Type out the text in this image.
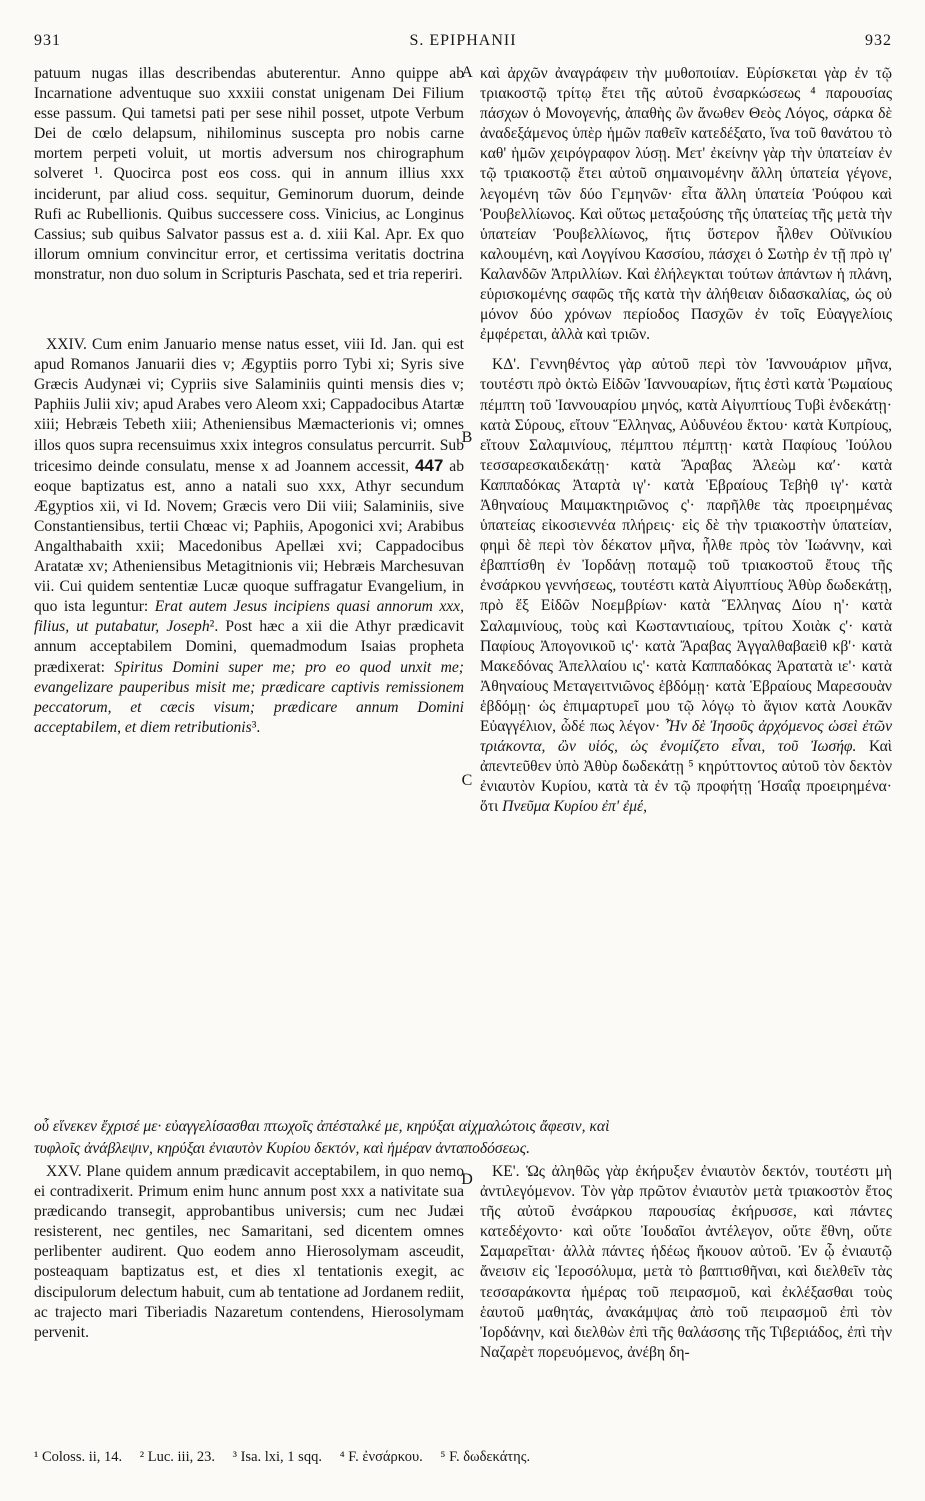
S. EPIPHANII
931	932
A
B
C
D

patuum nugas illas describendas abuterentur. Anno quippe ab Incarnatione adventuque suo xxxiii constat unigenam Dei Filium esse passum. Qui tametsi pati per sese nihil posset, utpote Verbum Dei de cœlo delapsum, nihilominus suscepta pro nobis carne mortem perpeti voluit, ut mortis adversum nos chirographum solveret ¹. Quocirca post eos coss. qui in annum illius xxx inciderunt, par aliud coss. sequitur, Geminorum duorum, deinde Rufi ac Rubellionis. Quibus successere coss. Vinicius, ac Longinus Cassius; sub quibus Salvator passus est a. d. xiii Kal. Apr. Ex quo illorum omnium convincitur error, et certissima veritatis doctrina monstratur, non duo solum in Scripturis Paschata, sed et tria reperiri.

XXIV. Cum enim Januario mense natus esset, viii Id. Jan. qui est apud Romanos Januarii dies v; Ægyptiis porro Tybi xi; Syris sive Græcis Audynæi vi; Cypriis sive Salaminiis quinti mensis dies v; Paphiis Julii xiv; apud Arabes vero Aleom xxi; Cappadocibus Atartæ xiii; Hebræis Tebeth xiii; Atheniensibus Mæmacterionis vi; omnes illos quos supra recensuimus xxix integros consulatus percurrit. Sub tricesimo deinde consulatu, mense x ad Joannem accessit, 447 ab eoque baptizatus est, anno a natali suo xxx, Athyr secundum Ægyptios xii, vi Id. Novem; Græcis vero Dii viii; Salaminiis, sive Constantiensibus, tertii Chœac vi; Paphiis, Apogonici xvi; Arabibus Angalthabaith xxii; Macedonibus Apellæi xvi; Cappadocibus Aratatæ xv; Atheniensibus Metagitnionis vii; Hebræis Marchesuvan vii. Cui quidem sententiæ Lucæ quoque suffragatur Evangelium, in quo ista leguntur: Erat autem Jesus incipiens quasi annorum xxx, filius, ut putabatur, Joseph². Post hæc a xii die Athyr prædicavit annum acceptabilem Domini, quemadmodum Isaias propheta prædixerat: Spiritus Domini super me; pro eo quod unxit me; evangelizare pauperibus misit me; prædicare captivis remissionem peccatorum, et cæcis visum; prædicare annum Domini acceptabilem, et diem retributionis³.

καὶ ἀρχῶν ἀναγράφειν τὴν μυθοποιίαν. Εὑρίσκεται γὰρ ἐν τῷ τριακοστῷ τρίτῳ ἔτει τῆς αὐτοῦ ἐνσαρκώσεως ⁴ παρουσίας πάσχων ὁ Μονογενής, ἀπαθὴς ὢν ἄνωθεν Θεὸς Λόγος, σάρκα δὲ ἀναδεξάμενος ὑπὲρ ἡμῶν παθεῖν κατεδέξατο, ἵνα τοῦ θανάτου τὸ καθ' ἡμῶν χειρόγραφον λύσῃ. Μετ' ἐκείνην γὰρ τὴν ὑπατείαν ἐν τῷ τριακοστῷ ἔτει αὐτοῦ σημαινομένην ἄλλη ὑπατεία γέγονε, λεγομένη τῶν δύο Γεμηνῶν· εἶτα ἄλλη ὑπατεία Ῥούφου καὶ Ῥουβελλίωνος. Καὶ οὕτως μεταξούσης τῆς ὑπατείας τῆς μετὰ τὴν ὑπατείαν Ῥουβελλίωνος, ἥτις ὕστερον ἦλθεν Οὐϊνικίου καλουμένη, καὶ Λογγίνου Κασσίου, πάσχει ὁ Σωτὴρ ἐν τῇ πρὸ ιγ' Καλανδῶν Ἀπριλλίων. Καὶ ἐλήλεγκται τούτων ἁπάντων ἡ πλάνη, εὑρισκομένης σαφῶς τῆς κατὰ τὴν ἀλήθειαν διδασκαλίας, ὡς οὐ μόνον δύο χρόνων περίοδος Πασχῶν ἐν τοῖς Εὐαγγελίοις ἐμφέρεται, ἀλλὰ καὶ τριῶν.

ΚΔ'. Γεννηθέντος γὰρ αὐτοῦ περὶ τὸν Ἰαννουάριον μῆνα, τουτέστι πρὸ ὀκτὼ Εἰδῶν Ἰαννουαρίων, ἥτις ἐστὶ κατὰ Ῥωμαίους πέμπτη τοῦ Ἰαννουαρίου μηνός, κατὰ Αἰγυπτίους Τυβὶ ἑνδεκάτῃ· κατὰ Σύρους, εἴτουν Ἕλληνας, Αὐδυνέου ἕκτου· κατὰ Κυπρίους, εἴτουν Σαλαμινίους, πέμπτου πέμπτῃ· κατὰ Παφίους Ἰούλου τεσσαρεσκαιδεκάτῃ· κατὰ Ἄραβας Ἀλεὼμ καʹ· κατὰ Καππαδόκας Ἀταρτὰ ιγ'· κατὰ Ἑβραίους Τεβὴθ ιγ'· κατὰ Ἀθηναίους Μαιμακτηριῶνος ς'· παρῆλθε τὰς προειρημένας ὑπατείας εἰκοσιεννέα πλήρεις· εἰς δὲ τὴν τριακοστὴν ὑπατείαν, φημὶ δὲ περὶ τὸν δέκατον μῆνα, ἦλθε πρὸς τὸν Ἰωάννην, καὶ ἐβαπτίσθη ἐν Ἰορδάνῃ ποταμῷ τοῦ τριακοστοῦ ἔτους τῆς ἐνσάρκου γεννήσεως, τουτέστι κατὰ Αἰγυπτίους Ἀθὺρ δωδεκάτῃ, πρὸ ἕξ Εἰδῶν Νοεμβρίων· κατὰ Ἕλληνας Δίου η'· κατὰ Σαλαμινίους, τοὺς καὶ Κωσταντιαίους, τρίτου Χοιὰκ ς'· κατὰ Παφίους Ἀπογονικοῦ ις'· κατὰ Ἄραβας Ἀγγαλθαβαεὶθ κβ'· κατὰ Μακεδόνας Ἀπελλαίου ις'· κατὰ Καππαδόκας Ἀρατατὰ ιε'· κατὰ Ἀθηναίους Μεταγειτνιῶνος ἑβδόμῃ· κατὰ Ἑβραίους Μαρεσουὰν ἑβδόμῃ· ὡς ἐπιμαρτυρεῖ μου τῷ λόγῳ τὸ ἅγιον κατὰ Λουκᾶν Εὐαγγέλιον, ὧδέ πως λέγον· Ἦν δὲ Ἰησοῦς ἀρχόμενος ὡσεὶ ἐτῶν τριάκοντα, ὢν υἱός, ὡς ἐνομίζετο εἶναι, τοῦ Ἰωσήφ. Καὶ ἀπεντεῦθεν ὑπὸ Ἀθὺρ δωδεκάτῃ ⁵ κηρύττοντος αὐτοῦ τὸν δεκτὸν ἐνιαυτὸν Κυρίου, κατὰ τὰ ἐν τῷ προφήτῃ Ἡσαΐᾳ προειρημένα· ὅτι Πνεῦμα Κυρίου ἐπ' ἐμέ,

οὗ εἵνεκεν ἔχρισέ με· εὐαγγελίσασθαι πτωχοῖς ἀπέσταλκέ με, κηρύξαι αἰχμαλώτοις ἄφεσιν, καὶ
τυφλοῖς ἀνάβλεψιν, κηρύξαι ἐνιαυτὸν Κυρίου δεκτόν, καὶ ἡμέραν ἀνταποδόσεως.

XXV. Plane quidem annum prædicavit acceptabilem, in quo nemo ei contradixerit. Primum enim hunc annum post xxx a nativitate sua prædicando transegit, approbantibus universis; cum nec Judæi resisterent, nec gentiles, nec Samaritani, sed dicentem omnes perlibenter audirent. Quo eodem anno Hierosolymam asceudit, posteaquam baptizatus est, et dies xl tentationis exegit, ac discipulorum delectum habuit, cum ab tentatione ad Jordanem rediit, ac trajecto mari Tiberiadis Nazaretum contendens, Hierosolymam pervenit.

ΚΕ'. Ὡς ἀληθῶς γὰρ ἐκήρυξεν ἐνιαυτὸν δεκτόν, τουτέστι μὴ ἀντιλεγόμενον. Τὸν γὰρ πρῶτον ἐνιαυτὸν μετὰ τριακοστὸν ἔτος τῆς αὐτοῦ ἐνσάρκου παρουσίας ἐκήρυσσε, καὶ πάντες κατεδέχοντο· καὶ οὔτε Ἰουδαῖοι ἀντέλεγον, οὔτε ἔθνη, οὔτε Σαμαρεῖται· ἀλλὰ πάντες ἡδέως ἤκουον αὐτοῦ. Ἐν ᾧ ἐνιαυτῷ ἄνεισιν εἰς Ἱεροσόλυμα, μετὰ τὸ βαπτισθῆναι, καὶ διελθεῖν τὰς τεσσαράκοντα ἡμέρας τοῦ πειρασμοῦ, καὶ ἐκλέξασθαι τοὺς ἑαυτοῦ μαθητάς, ἀνακάμψας ἀπὸ τοῦ πειρασμοῦ ἐπὶ τὸν Ἰορδάνην, καὶ διελθὼν ἐπὶ τῆς θαλάσσης τῆς Τιβεριάδος, ἐπὶ τὴν Ναζαρὲτ πορευόμενος, ἀνέβη δη-

¹ Coloss. ii, 14. ² Luc. iii, 23. ³ Isa. lxi, 1 sqq. ⁴ F. ἐνσάρκου. ⁵ F. δωδεκάτης.
